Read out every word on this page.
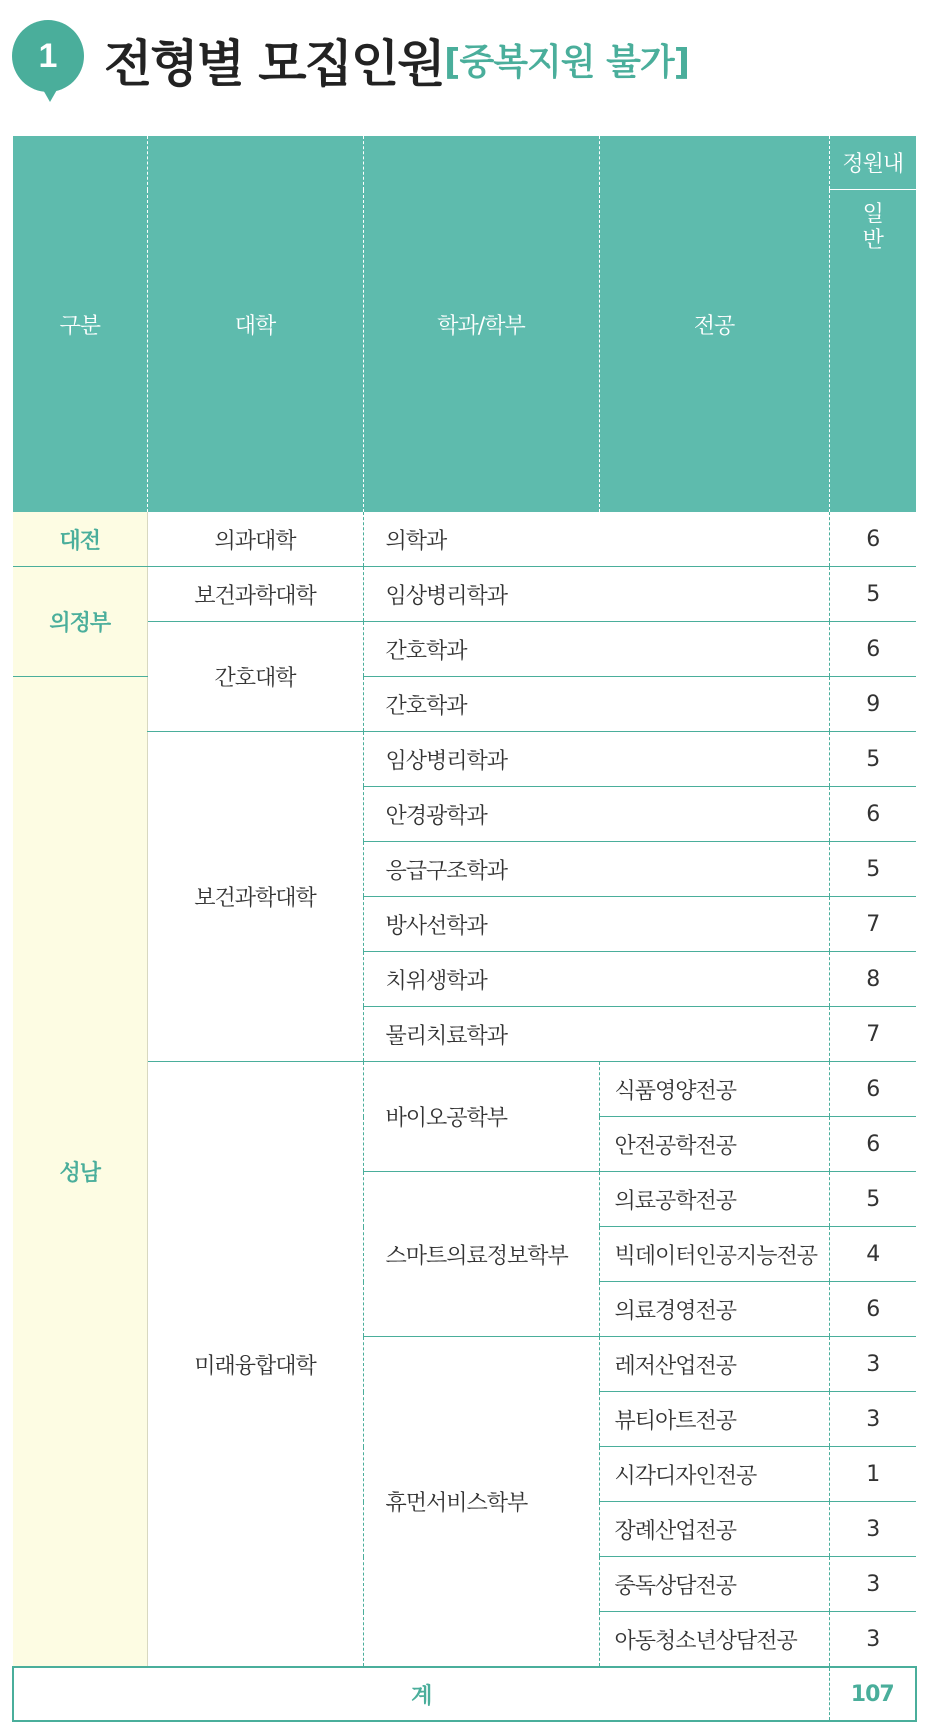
1 전형별 모집인원 [중복지원 불가]
구분	대학	학과/학부	전공	정원내
				일반
대전	의과대학	의학과		6
의정부	보건과학대학	임상병리학과		5
	간호대학	간호학과		6
성남		간호학과		9
	보건과학대학	임상병리학과		5
		안경광학과		6
		응급구조학과		5
		방사선학과		7
		치위생학과		8
		물리치료학과		7
	미래융합대학	바이오공학부	식품영양전공	6
			안전공학전공	6
		스마트의료정보학부	의료공학전공	5
			빅데이터인공지능전공	4
			의료경영전공	6
		휴먼서비스학부	레저산업전공	3
			뷰티아트전공	3
			시각디자인전공	1
			장례산업전공	3
			중독상담전공	3
			아동청소년상담전공	3
계				107
